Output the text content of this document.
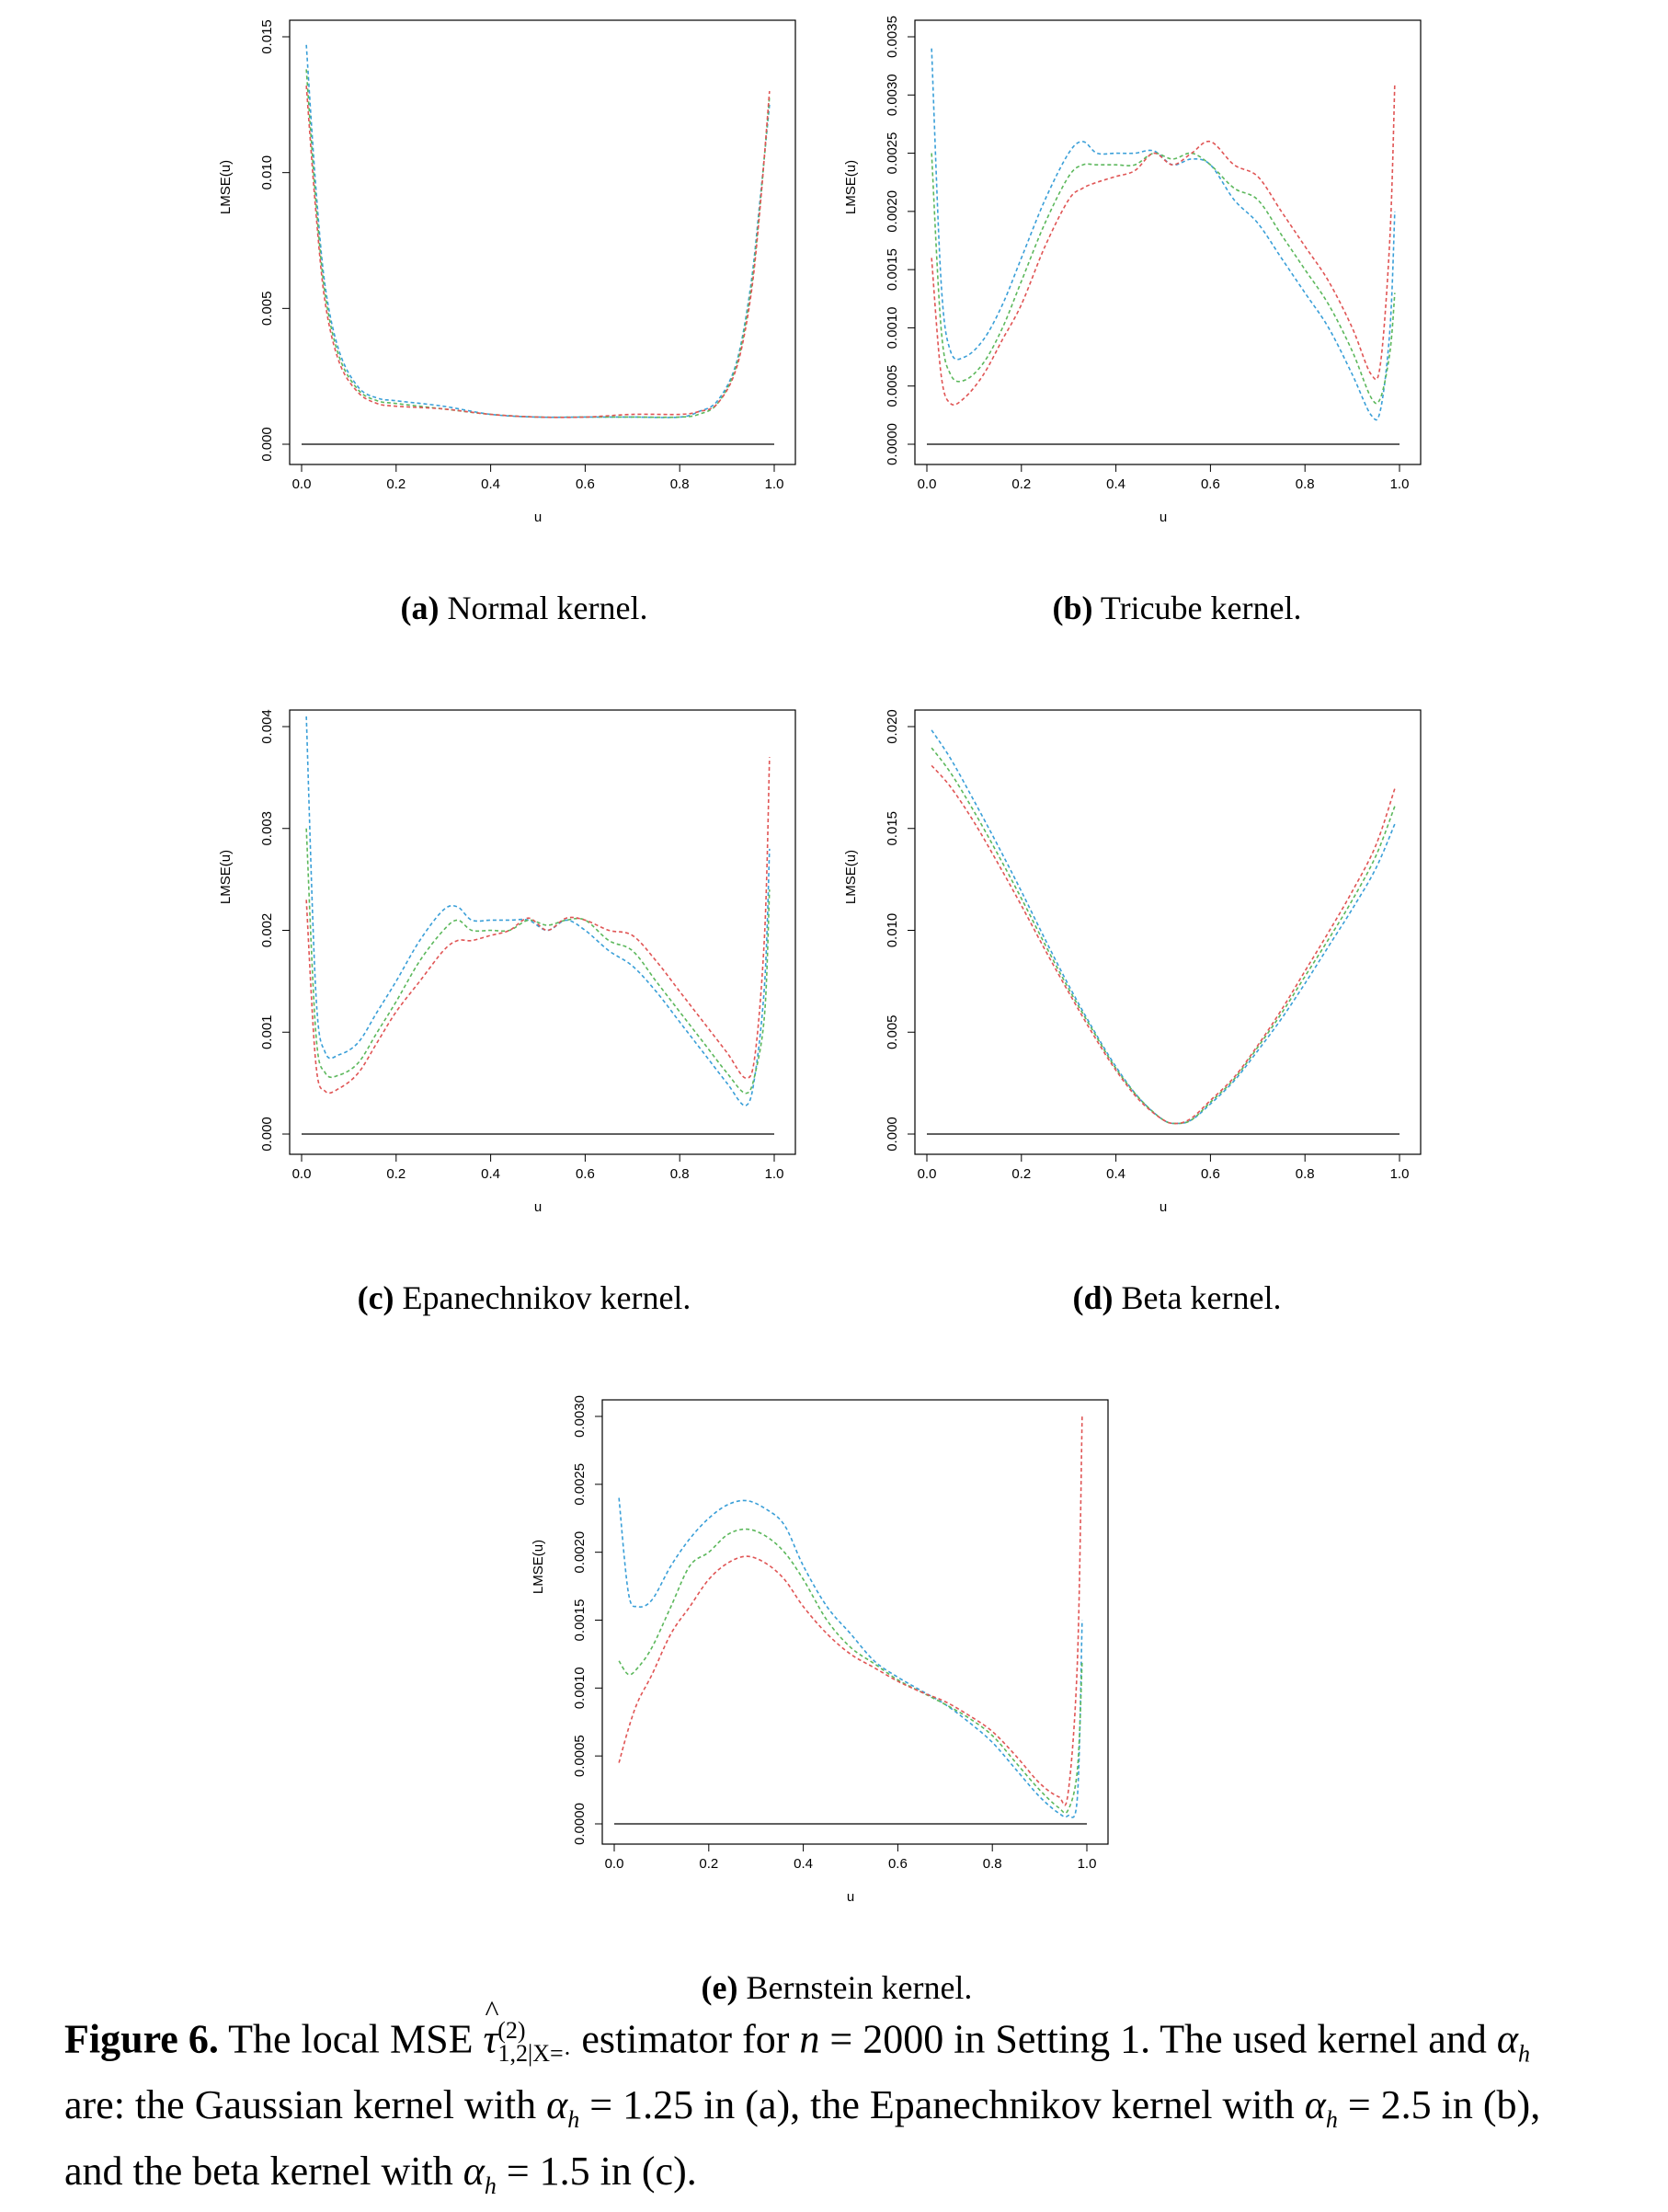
0.0	0.2	0.4	0.6	0.8	1.0
u
0.000
0.005
0.010
0.015
LMSE(u)
(a) Normal kernel.
0.0	0.2	0.4	0.6	0.8	1.0
u
0.0000
0.0005
0.0010
0.0015
0.0020
0.0025
0.0030
0.0035
LMSE(u)
(b) Tricube kernel.
0.0	0.2	0.4	0.6	0.8	1.0
u
0.000
0.001
0.002
0.003
0.004
LMSE(u)
(c) Epanechnikov kernel.
0.0	0.2	0.4	0.6	0.8	1.0
u
0.000
0.005
0.010
0.015
0.020
LMSE(u)
(d) Beta kernel.
0.0	0.2	0.4	0.6	0.8	1.0
u
0.0000
0.0005
0.0010
0.0015
0.0020
0.0025
0.0030
LMSE(u)
(e) Bernstein kernel.
Figure 6. The local MSE
^
$\tau^{(2)}_{1,2|X=\cdot}$ estimator for n = 2000 in Setting 1. The used kernel and $\alpha_h$
are: the Gaussian kernel with $\alpha_h = 1.25$ in (a), the Epanechnikov kernel with $\alpha_h = 2.5$ in (b),
and the beta kernel with $\alpha_h = 1.5$ in (c).
